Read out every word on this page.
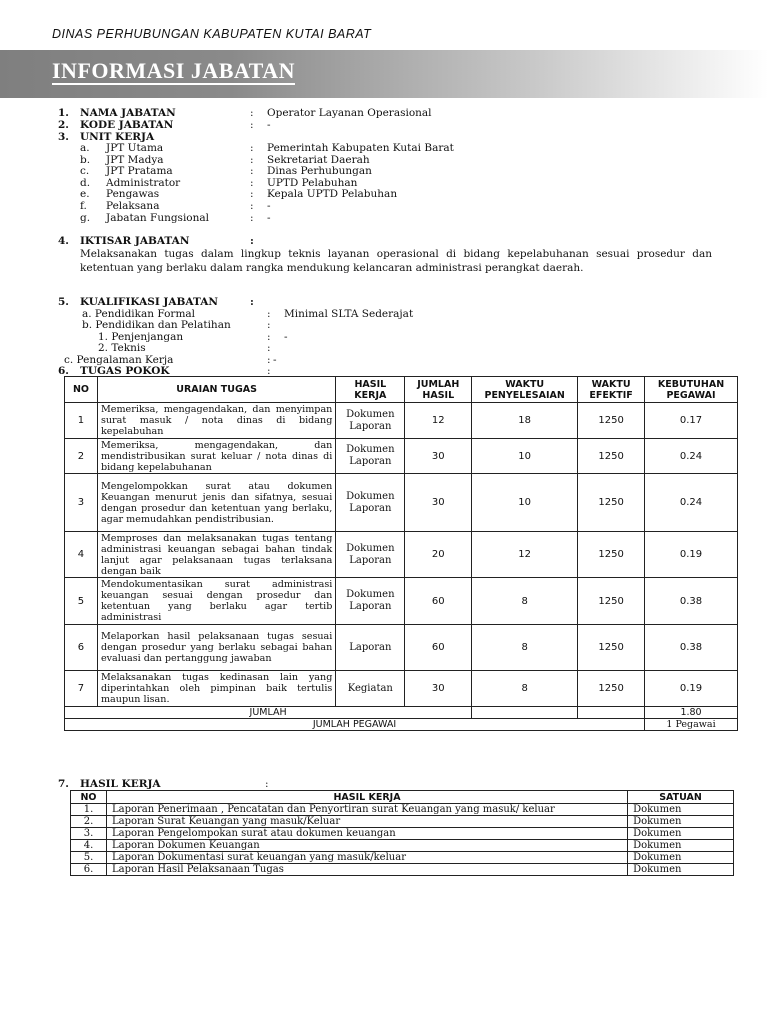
DINAS PERHUBUNGAN KABUPATEN KUTAI BARAT
INFORMASI JABATAN
1. NAMA JABATAN	: Operator Layanan Operasional
2. KODE JABATAN	: -
3. UNIT KERJA
a. JPT Utama	: Pemerintah Kabupaten Kutai Barat
b. JPT Madya	: Sekretariat Daerah
c. JPT Pratama	: Dinas Perhubungan
d. Administrator	: UPTD Pelabuhan
e. Pengawas	: Kepala UPTD Pelabuhan
f. Pelaksana	: -
g. Jabatan Fungsional	: -
4. IKTISAR JABATAN	:
Melaksanakan tugas dalam lingkup teknis layanan operasional di bidang kepelabuhanan sesuai prosedur dan ketentuan yang berlaku dalam rangka mendukung kelancaran administrasi perangkat daerah.
5. KUALIFIKASI JABATAN	:
a. Pendidikan Formal	: Minimal SLTA Sederajat
b. Pendidikan dan Pelatihan	:
1. Penjenjangan	: -
2. Teknis	:
c. Pengalaman Kerja	: -
6. TUGAS POKOK	:
NO	URAIAN TUGAS	HASIL KERJA	JUMLAH HASIL	WAKTU PENYELESAIAN	WAKTU EFEKTIF	KEBUTUHAN PEGAWAI
1	Memeriksa, mengagendakan, dan menyimpan surat masuk / nota dinas di bidang kepelabuhan	Dokumen Laporan	12	18	1250	0.17
2	Memeriksa, mengagendakan, dan mendistribusikan surat keluar / nota dinas di bidang kepelabuhanan	Dokumen Laporan	30	10	1250	0.24
3	Mengelompokkan surat atau dokumen Keuangan menurut jenis dan sifatnya, sesuai dengan prosedur dan ketentuan yang berlaku, agar memudahkan pendistribusian.	Dokumen Laporan	30	10	1250	0.24
4	Memproses dan melaksanakan tugas tentang administrasi keuangan sebagai bahan tindak lanjut agar pelaksanaan tugas terlaksana dengan baik	Dokumen Laporan	20	12	1250	0.19
5	Mendokumentasikan surat administrasi keuangan sesuai dengan prosedur dan ketentuan yang berlaku agar tertib administrasi	Dokumen Laporan	60	8	1250	0.38
6	Melaporkan hasil pelaksanaan tugas sesuai dengan prosedur yang berlaku sebagai bahan evaluasi dan pertanggung jawaban	Laporan	60	8	1250	0.38
7	Melaksanakan tugas kedinasan lain yang diperintahkan oleh pimpinan baik tertulis maupun lisan.	Kegiatan	30	8	1250	0.19
JUMLAH						1.80
JUMLAH PEGAWAI						1 Pegawai
7. HASIL KERJA	:
NO	HASIL KERJA	SATUAN
1.	Laporan Penerimaan , Pencatatan dan Penyortiran surat Keuangan yang masuk/ keluar	Dokumen
2.	Laporan Surat Keuangan yang masuk/Keluar	Dokumen
3.	Laporan Pengelompokan surat atau dokumen keuangan	Dokumen
4.	Laporan Dokumen Keuangan	Dokumen
5.	Laporan Dokumentasi surat keuangan yang masuk/keluar	Dokumen
6.	Laporan Hasil Pelaksanaan Tugas	Dokumen
